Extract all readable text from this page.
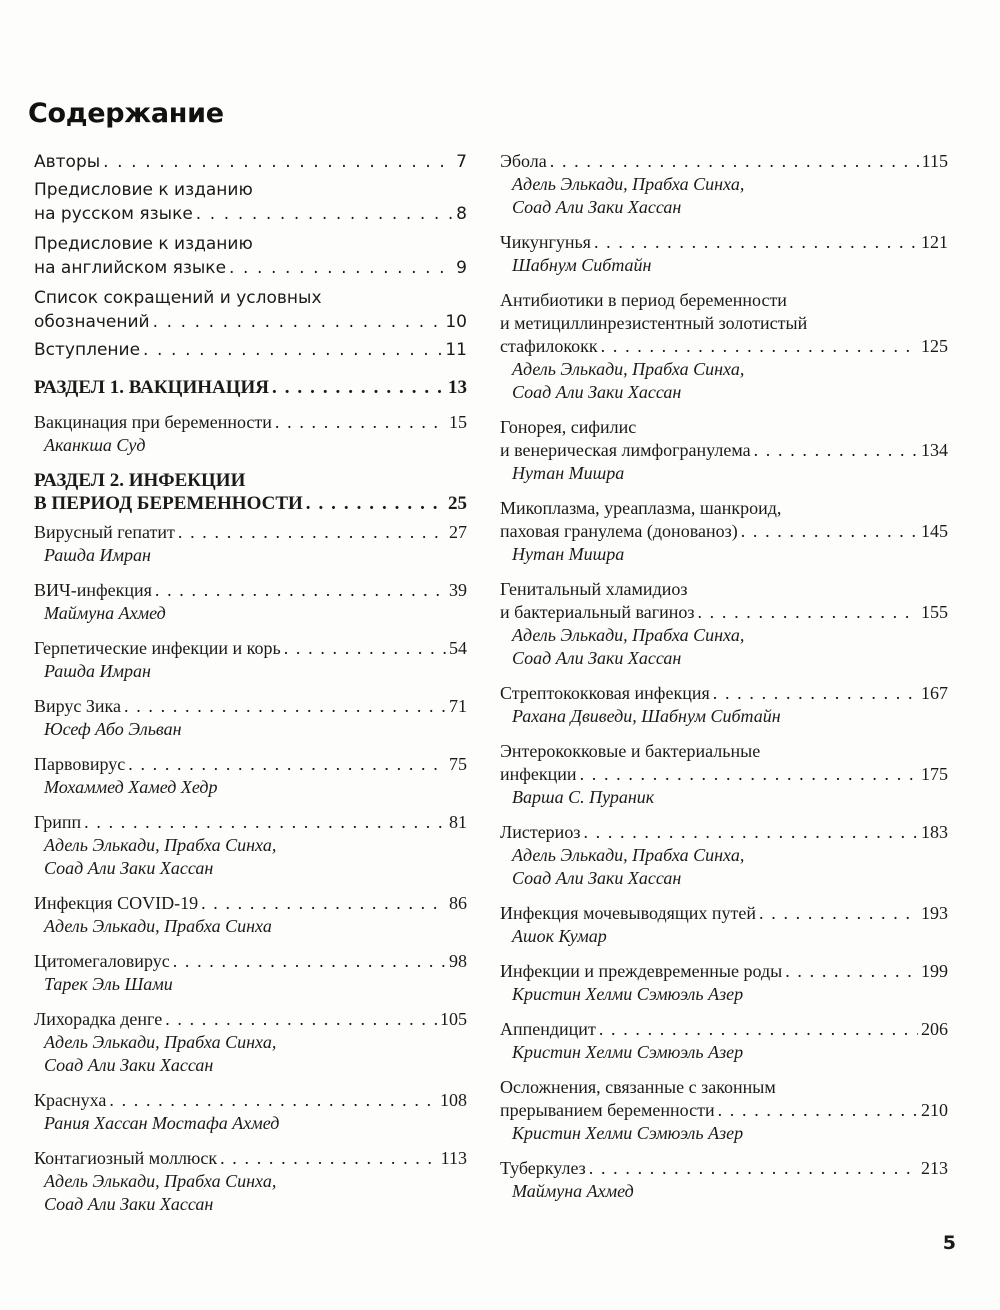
Содержание
Авторы . . .	7
Предисловие к изданию
на русском языке . . .	8
Предисловие к изданию
на английском языке . . .	9
Список сокращений и условных
обозначений . . .	10
Вступление . . .	11
РАЗДЕЛ 1. ВАКЦИНАЦИЯ . . .	13
Вакцинация при беременности . . .	15
Аканкша Суд
РАЗДЕЛ 2. ИНФЕКЦИИ
В ПЕРИОД БЕРЕМЕННОСТИ . . .	25
Вирусный гепатит . . .	27
Рашда Имран
ВИЧ-инфекция . . .	39
Маймуна Ахмед
Герпетические инфекции и корь . . .	54
Рашда Имран
Вирус Зика . . .	71
Юсеф Або Эльван
Парвовирус . . .	75
Мохаммед Хамед Хедр
Грипп . . .	81
Адель Элькади, Прабха Синха,
Соад Али Заки Хассан
Инфекция COVID-19 . . .	86
Адель Элькади, Прабха Синха
Цитомегаловирус . . .	98
Тарек Эль Шами
Лихорадка денге . . .	105
Адель Элькади, Прабха Синха,
Соад Али Заки Хассан
Краснуха . . .	108
Рания Хассан Мостафа Ахмед
Контагиозный моллюск . . .	113
Адель Элькади, Прабха Синха,
Соад Али Заки Хассан
Эбола . . .	115
Адель Элькади, Прабха Синха,
Соад Али Заки Хассан
Чикунгунья . . .	121
Шабнум Сибтайн
Антибиотики в период беременности
и метициллинрезистентный золотистый
стафилококк . . .	125
Адель Элькади, Прабха Синха,
Соад Али Заки Хассан
Гонорея, сифилис
и венерическая лимфогранулема . . .	134
Нутан Мишра
Микоплазма, уреаплазма, шанкроид,
паховая гранулема (донованоз) . . .	145
Нутан Мишра
Генитальный хламидиоз
и бактериальный вагиноз . . .	155
Адель Элькади, Прабха Синха,
Соад Али Заки Хассан
Стрептококковая инфекция . . .	167
Рахана Двиведи, Шабнум Сибтайн
Энтерококковые и бактериальные
инфекции . . .	175
Варша С. Пураник
Листериоз . . .	183
Адель Элькади, Прабха Синха,
Соад Али Заки Хассан
Инфекция мочевыводящих путей . . .	193
Ашок Кумар
Инфекции и преждевременные роды . . .	199
Кристин Хелми Сэмюэль Азер
Аппендицит . . .	206
Кристин Хелми Сэмюэль Азер
Осложнения, связанные с законным
прерыванием беременности . . .	210
Кристин Хелми Сэмюэль Азер
Туберкулез . . .	213
Маймуна Ахмед
5
